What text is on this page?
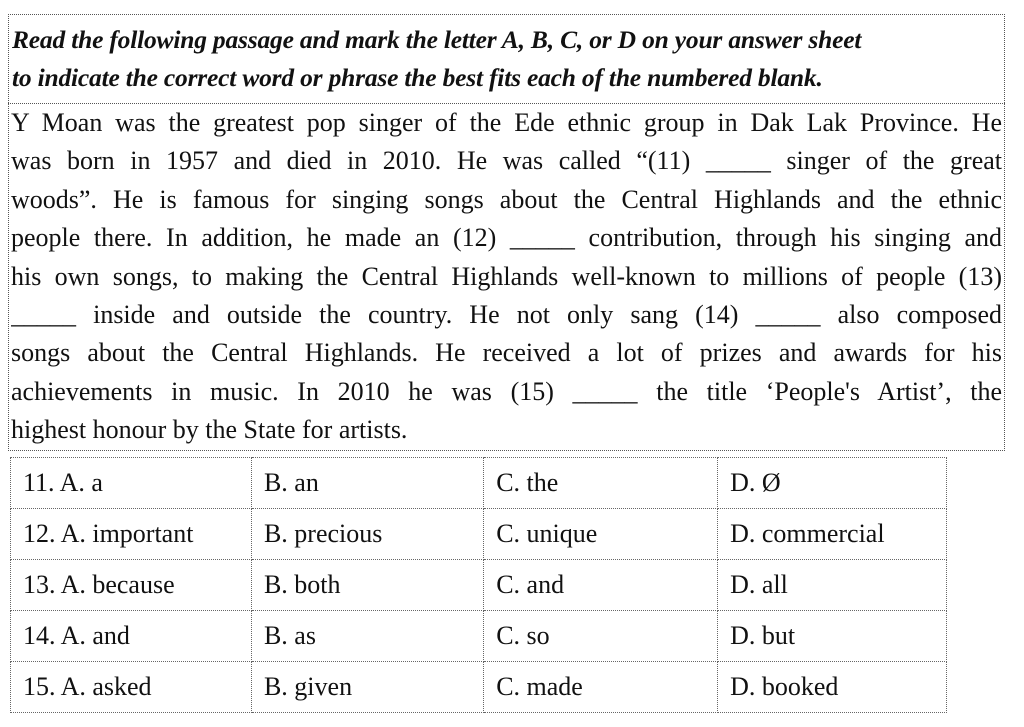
Read the following passage and mark the letter A, B, C, or D on your answer sheet
to indicate the correct word or phrase the best fits each of the numbered blank.
Y Moan was the greatest pop singer of the Ede ethnic group in Dak Lak Province. He
was born in 1957 and died in 2010. He was called “(11) _____ singer of the great
woods”. He is famous for singing songs about the Central Highlands and the ethnic
people there. In addition, he made an (12) _____ contribution, through his singing and
his own songs, to making the Central Highlands well-known to millions of people (13)
_____ inside and outside the country. He not only sang (14) _____ also composed
songs about the Central Highlands. He received a lot of prizes and awards for his
achievements in music. In 2010 he was (15) _____ the title ‘People's Artist’, the
highest honour by the State for artists.
11. A. a	B. an	C. the	D. Ø
12. A. important	B. precious	C. unique	D. commercial
13. A. because	B. both	C. and	D. all
14. A. and	B. as	C. so	D. but
15. A. asked	B. given	C. made	D. booked
